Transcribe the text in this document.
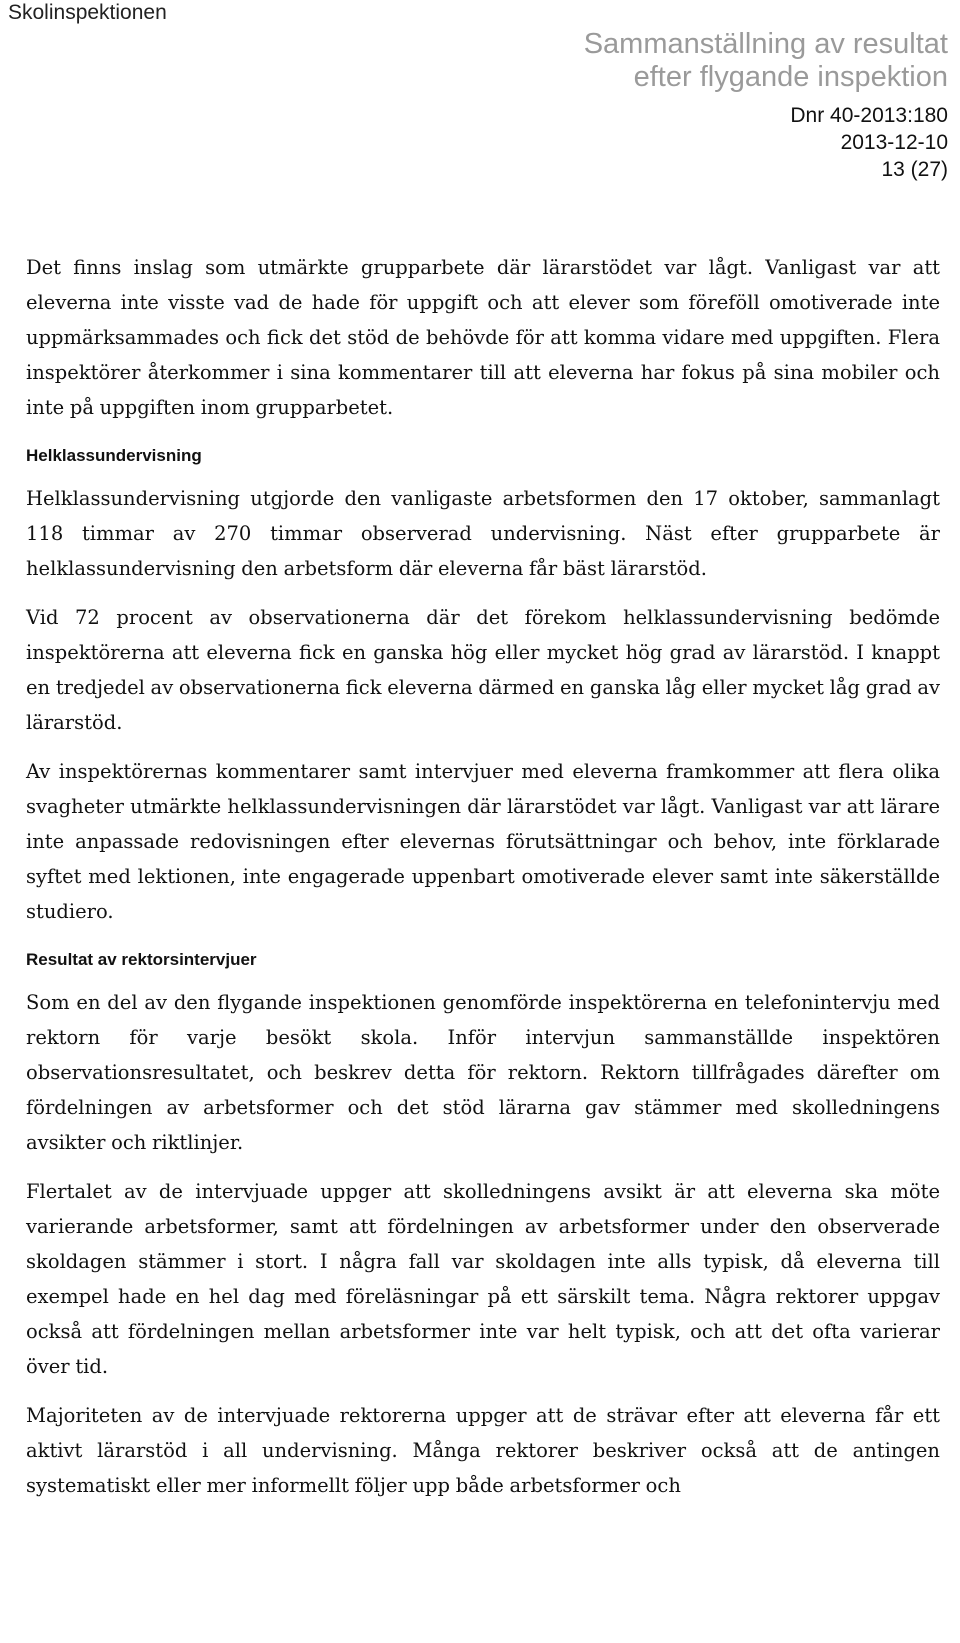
Skolinspektionen
Sammanställning av resultat
efter flygande inspektion
Dnr 40-2013:180
2013-12-10
13 (27)

Det finns inslag som utmärkte grupparbete där lärarstödet var lågt. Vanligast var att eleverna inte visste vad de hade för uppgift och att elever som föreföll omotiverade inte uppmärksammades och fick det stöd de behövde för att komma vidare med uppgiften. Flera inspektörer återkommer i sina kommentarer till att eleverna har fokus på sina mobiler och inte på uppgiften inom grupparbetet.

Helklassundervisning

Helklassundervisning utgjorde den vanligaste arbetsformen den 17 oktober, sammanlagt 118 timmar av 270 timmar observerad undervisning. Näst efter grupparbete är helklassundervisning den arbetsform där eleverna får bäst lärarstöd.

Vid 72 procent av observationerna där det förekom helklassundervisning bedömde inspektörerna att eleverna fick en ganska hög eller mycket hög grad av lärarstöd. I knappt en tredjedel av observationerna fick eleverna därmed en ganska låg eller mycket låg grad av lärarstöd.

Av inspektörernas kommentarer samt intervjuer med eleverna framkommer att flera olika svagheter utmärkte helklassundervisningen där lärarstödet var lågt. Vanligast var att lärare inte anpassade redovisningen efter elevernas förutsättningar och behov, inte förklarade syftet med lektionen, inte engagerade uppenbart omotiverade elever samt inte säkerställde studiero.

Resultat av rektorsintervjuer

Som en del av den flygande inspektionen genomförde inspektörerna en telefonintervju med rektorn för varje besökt skola. Inför intervjun sammanställde inspektören observationsresultatet, och beskrev detta för rektorn. Rektorn tillfrågades därefter om fördelningen av arbetsformer och det stöd lärarna gav stämmer med skolledningens avsikter och riktlinjer.

Flertalet av de intervjuade uppger att skolledningens avsikt är att eleverna ska möte varierande arbetsformer, samt att fördelningen av arbetsformer under den observerade skoldagen stämmer i stort. I några fall var skoldagen inte alls typisk, då eleverna till exempel hade en hel dag med föreläsningar på ett särskilt tema. Några rektorer uppgav också att fördelningen mellan arbetsformer inte var helt typisk, och att det ofta varierar över tid.

Majoriteten av de intervjuade rektorerna uppger att de strävar efter att eleverna får ett aktivt lärarstöd i all undervisning. Många rektorer beskriver också att de antingen systematiskt eller mer informellt följer upp både arbetsformer och
